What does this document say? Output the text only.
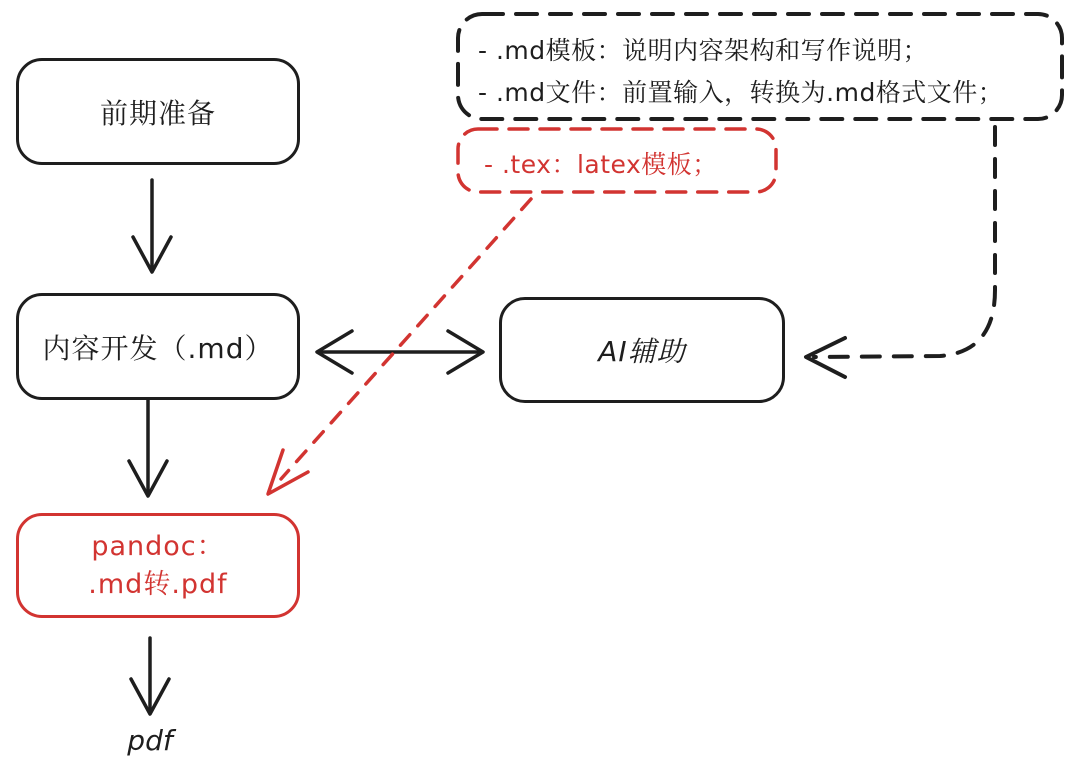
前期准备
内容开发（.md）	AI辅助
pandoc：
.md转.pdf
- .md模板：说明内容架构和写作说明；
- .md文件：前置输入，转换为.md格式文件；
- .tex：latex模板；
pdf
